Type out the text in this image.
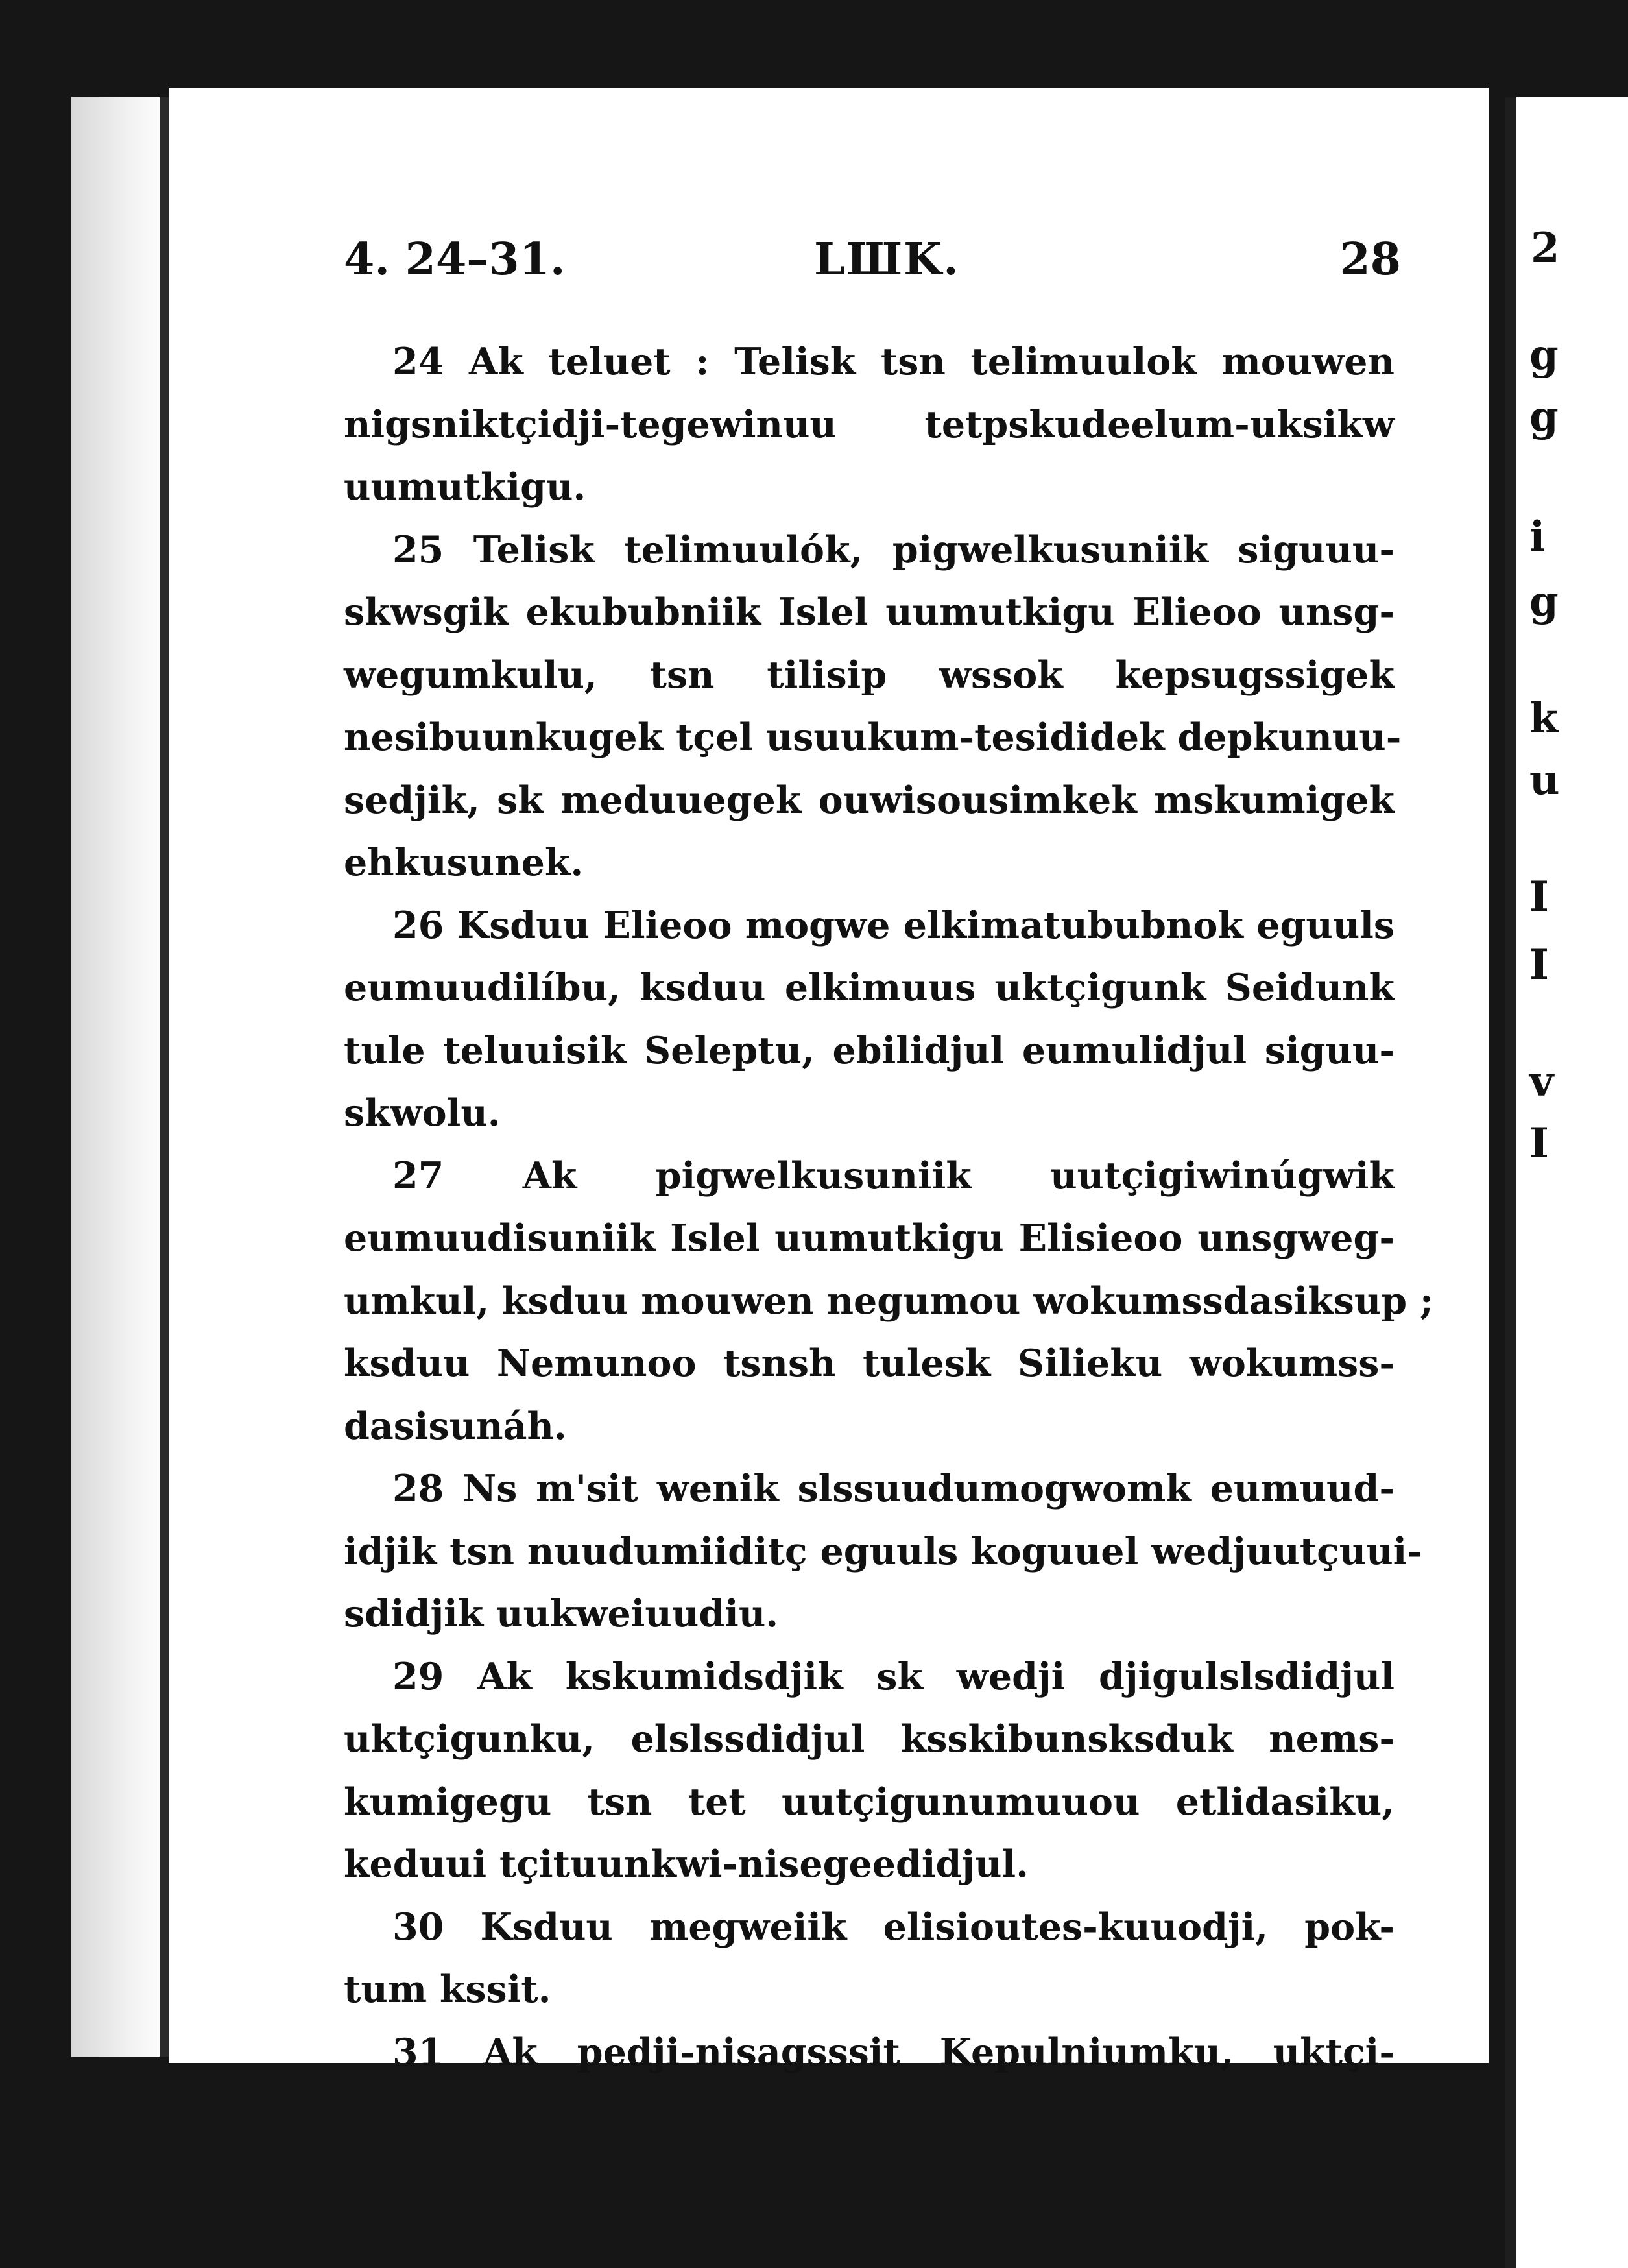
2
g
g
i
g
k
u
I
I
v
I
4. 24–31.	LШK.	28
24 Ak teluet : Telisk tsn telimuulok mouwen
nigsniktçidji-tegewinuu tetpskudeelum-uksikw
uumutkigu.
25 Telisk telimuulók, pigwelkusuniik siguuu-
skwsgik ekububniik Islel uumutkigu Elieoo unsg-
wegumkulu, tsn tilisip wssok kepsugssigek
nesibuunkugek tçel usuukum-tesididek depkunuu-
sedjik, sk meduuegek ouwisousimkek mskumigek
ehkusunek.
26 Ksduu Elieoo mogwe elkimatububnok eguuls
eumuudilíbu, ksduu elkimuus uktçigunk Seidunk
tule teluuisik Seleptu, ebilidjul eumulidjul siguu-
skwolu.
27 Ak pigwelkusuniik uutçigiwinúgwik
eumuudisuniik Islel uumutkigu Elisieoo unsgweg-
umkul, ksduu mouwen negumou wokumssdasiksup ;
ksduu Nemunoo tsnsh tulesk Silieku wokumss-
dasisunáh.
28 Ns m'sit wenik slssuudumogwomk eumuud-
idjik tsn nuudumiiditç eguuls koguuel wedjuutçuui-
sdidjik uukweiuudiu.
29 Ak kskumidsdjik sk wedji djigulslsdidjul
uktçigunku, elslssdidjul ksskibunsksduk nems-
kumigegu tsn tet uutçigunumuuou etlidasiku,
keduui tçituunkwi-nisegeedidjul.
30 Ksduu megweiik elisioutes-kuuodji, pok-
tum kssit.
31 Ak pedji-nisagsssit Kepulniumku, uktçi-
